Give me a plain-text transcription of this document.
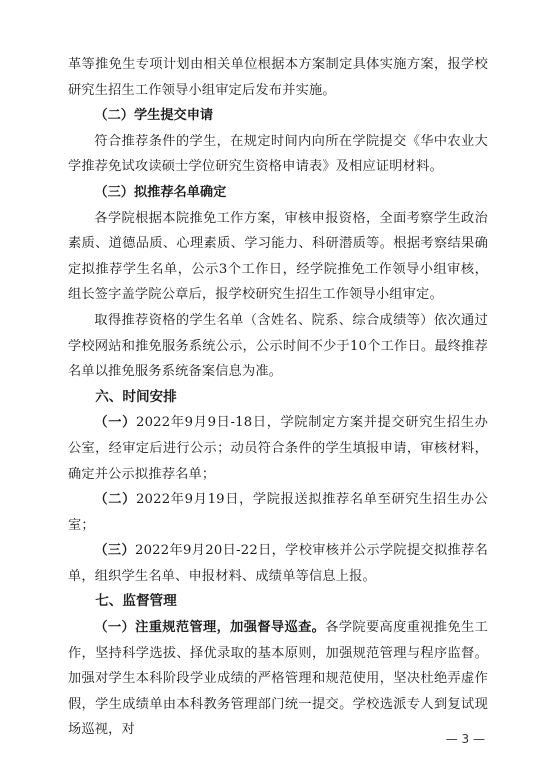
革等推免生专项计划由相关单位根据本方案制定具体实施方案，报学校研究生招生工作领导小组审定后发布并实施。

（二）学生提交申请

符合推荐条件的学生，在规定时间内向所在学院提交《华中农业大学推荐免试攻读硕士学位研究生资格申请表》及相应证明材料。

（三）拟推荐名单确定

各学院根据本院推免工作方案，审核申报资格，全面考察学生政治素质、道德品质、心理素质、学习能力、科研潜质等。根据考察结果确定拟推荐学生名单，公示3个工作日，经学院推免工作领导小组审核，组长签字盖学院公章后，报学校研究生招生工作领导小组审定。

取得推荐资格的学生名单（含姓名、院系、综合成绩等）依次通过学校网站和推免服务系统公示，公示时间不少于10个工作日。最终推荐名单以推免服务系统备案信息为准。

六、时间安排

（一）2022年9月9日-18日，学院制定方案并提交研究生招生办公室，经审定后进行公示；动员符合条件的学生填报申请，审核材料，确定并公示拟推荐名单；

（二）2022年9月19日，学院报送拟推荐名单至研究生招生办公室；

（三）2022年9月20日-22日，学校审核并公示学院提交拟推荐名单，组织学生名单、申报材料、成绩单等信息上报。

七、监督管理

（一）注重规范管理，加强督导巡查。各学院要高度重视推免生工作，坚持科学选拔、择优录取的基本原则，加强规范管理与程序监督。加强对学生本科阶段学业成绩的严格管理和规范使用，坚决杜绝弄虚作假，学生成绩单由本科教务管理部门统一提交。学校选派专人到复试现场巡视，对

— 3 —
